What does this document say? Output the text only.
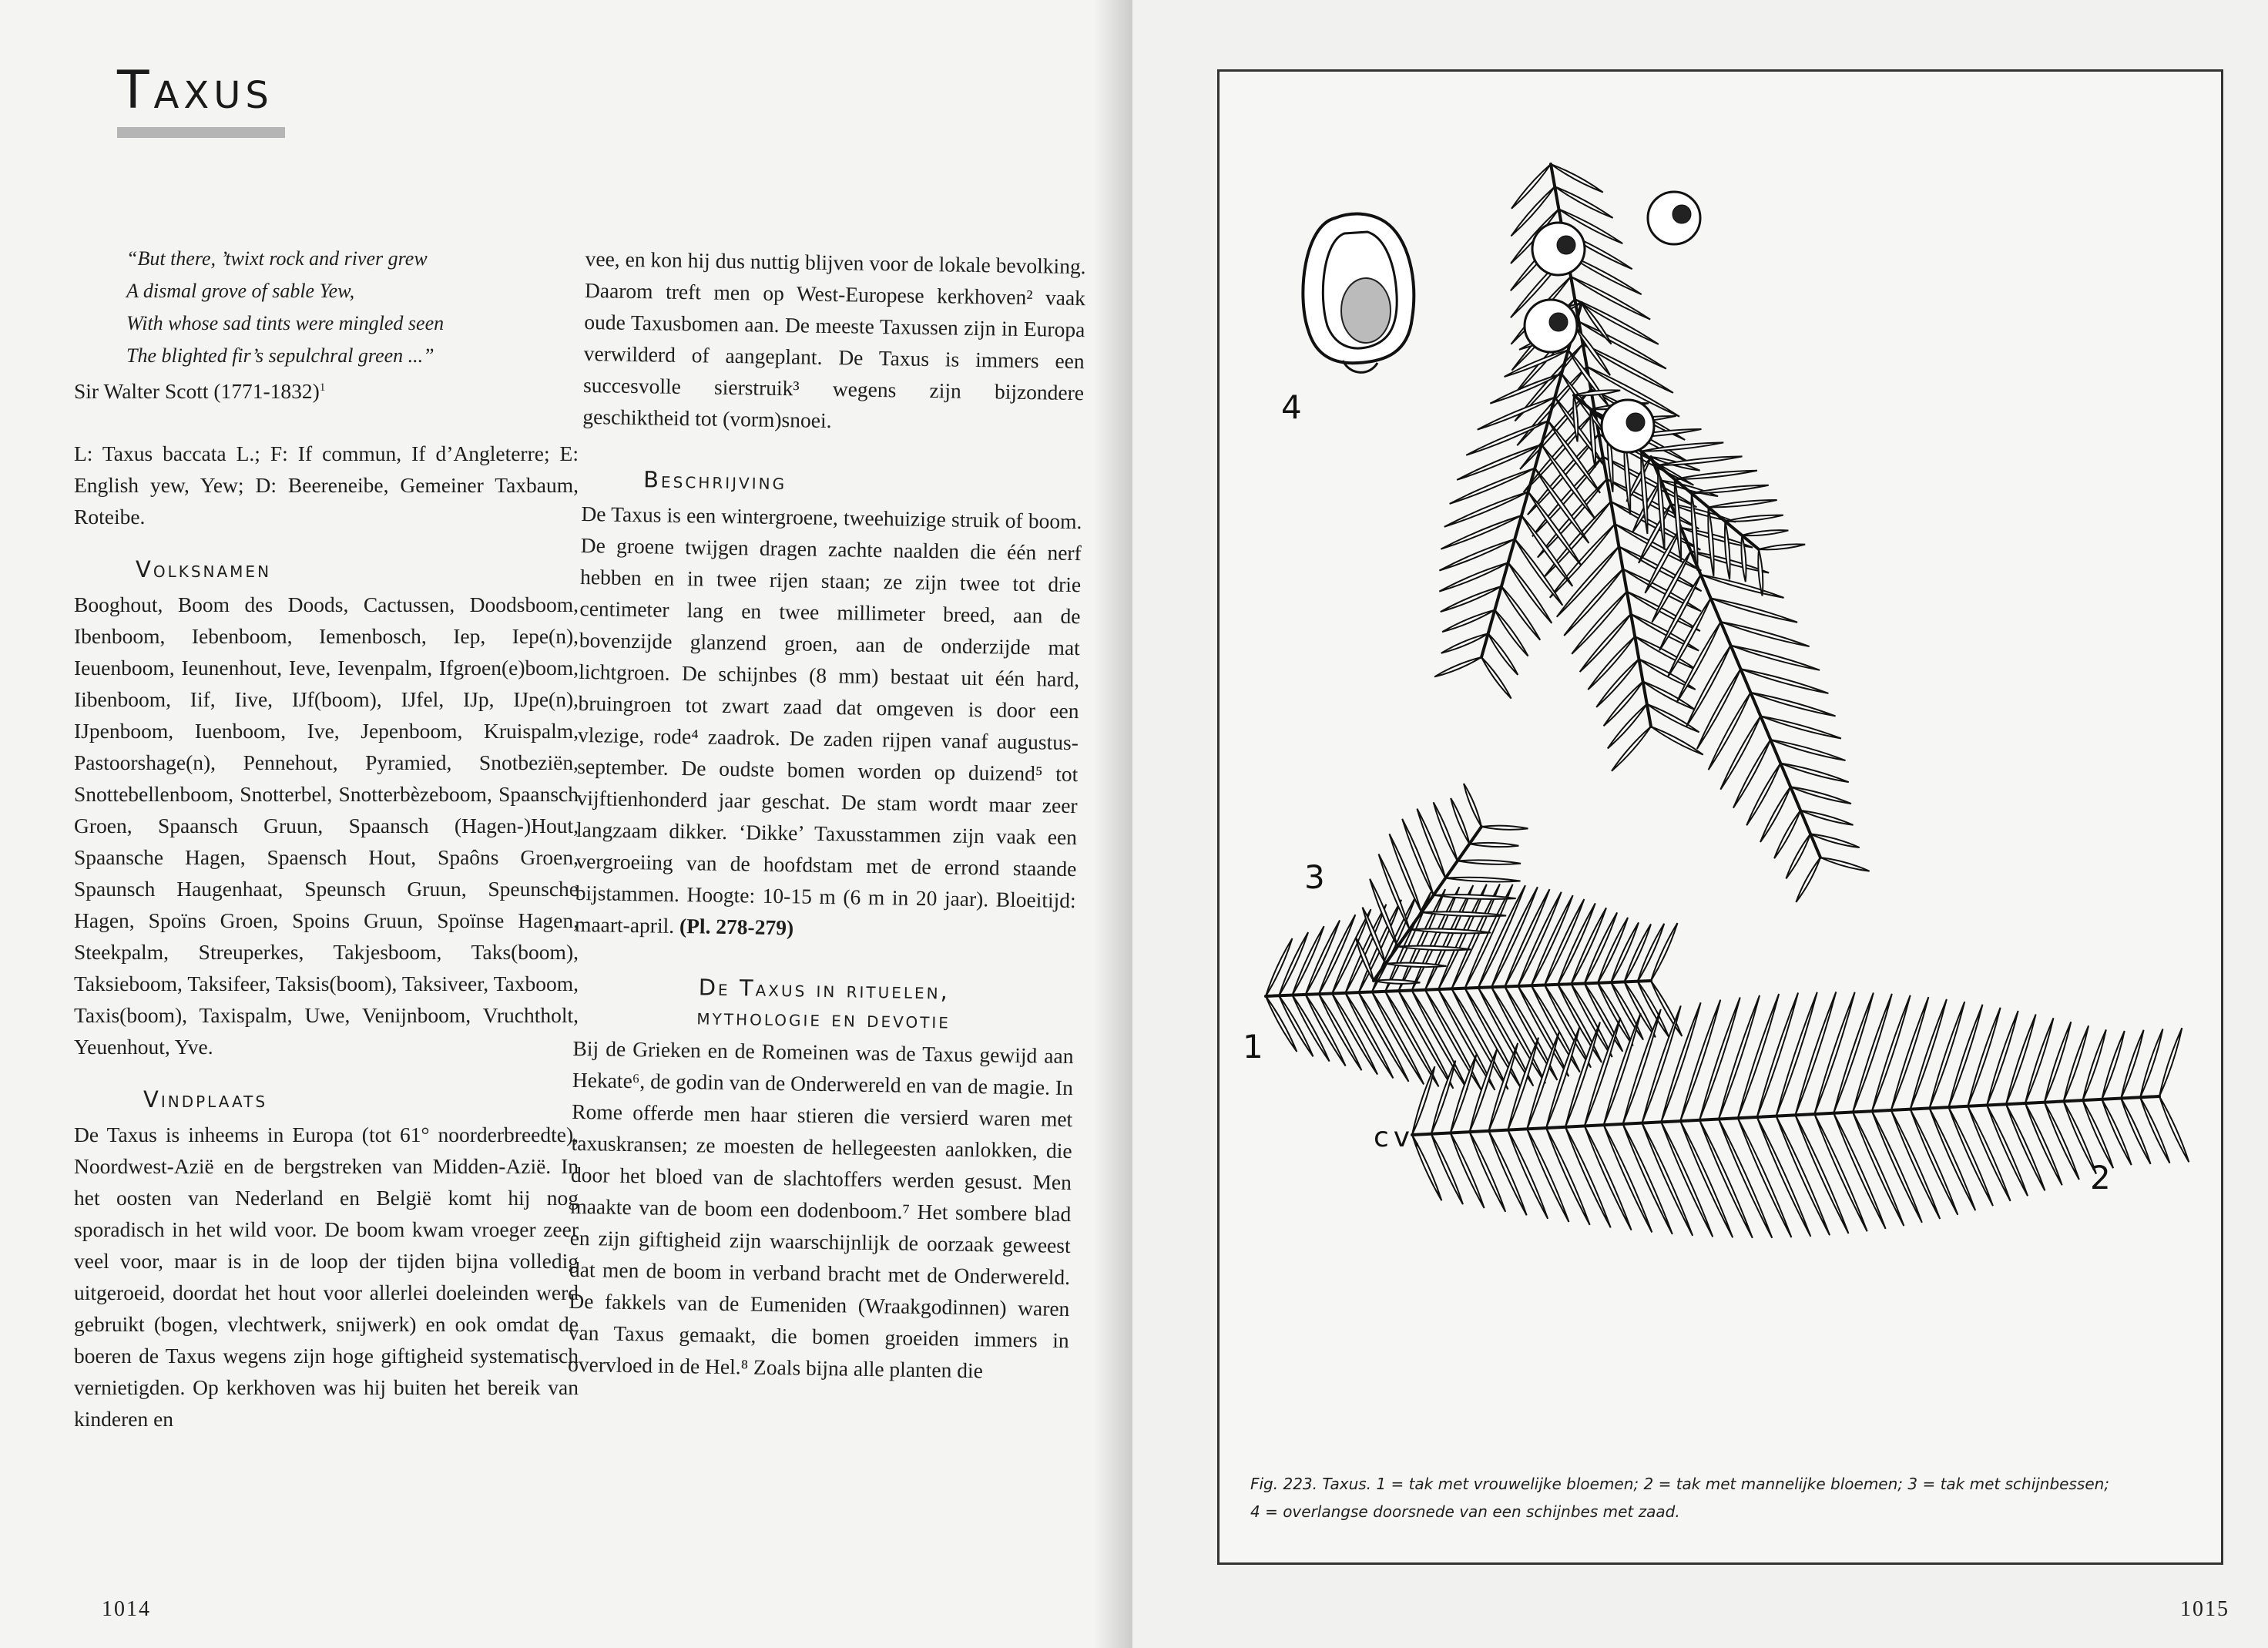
Taxus

“But there, ’twixt rock and river grew
A dismal grove of sable Yew,
With whose sad tints were mingled seen
The blighted fir’s sepulchral green ...”

Sir Walter Scott (1771-1832)$^1$

L: Taxus baccata L.; F: If commun, If d’Angleterre; E: English yew, Yew; D: Beereneibe, Gemeiner Taxbaum, Roteibe.

Volksnamen

Booghout, Boom des Doods, Cactussen, Doodsboom, Ibenboom, Iebenboom, Iemenbosch, Iep, Iepe(n), Ieuenboom, Ieunenhout, Ieve, Ievenpalm, Ifgroen(e)boom, Iibenboom, Iif, Iive, IJf(boom), IJfel, IJp, IJpe(n), IJpenboom, Iuenboom, Ive, Jepenboom, Kruispalm, Pastoorshage(n), Pennehout, Pyramied, Snotbeziën, Snottebellenboom, Snotterbel, Snotterbèzeboom, Spaansch Groen, Spaansch Gruun, Spaansch (Hagen-)Hout, Spaansche Hagen, Spaensch Hout, Spaôns Groen, Spaunsch Haugenhaat, Speunsch Gruun, Speunsche Hagen, Spoïns Groen, Spoins Gruun, Spoïnse Hagen, Steekpalm, Streuperkes, Takjesboom, Taks(boom), Taksieboom, Taksifeer, Taksis(boom), Taksiveer, Taxboom, Taxis(boom), Taxispalm, Uwe, Venijnboom, Vruchtholt, Yeuenhout, Yve.

Vindplaats

De Taxus is inheems in Europa (tot 61° noorderbreedte), Noordwest-Azië en de bergstreken van Midden-Azië. In het oosten van Nederland en België komt hij nog sporadisch in het wild voor. De boom kwam vroeger zeer veel voor, maar is in de loop der tijden bijna volledig uitgeroeid, doordat het hout voor allerlei doeleinden werd gebruikt (bogen, vlechtwerk, snijwerk) en ook omdat de boeren de Taxus wegens zijn hoge giftigheid systematisch vernietigden. Op kerkhoven was hij buiten het bereik van kinderen en

vee, en kon hij dus nuttig blijven voor de lokale bevolking. Daarom treft men op West-Europese kerkhoven² vaak oude Taxusbomen aan. De meeste Taxussen zijn in Europa verwilderd of aangeplant. De Taxus is immers een succesvolle sierstruik³ wegens zijn bijzondere geschiktheid tot (vorm)snoei.

Beschrijving

De Taxus is een wintergroene, tweehuizige struik of boom. De groene twijgen dragen zachte naalden die één nerf hebben en in twee rijen staan; ze zijn twee tot drie centimeter lang en twee millimeter breed, aan de bovenzijde glanzend groen, aan de onderzijde mat lichtgroen. De schijnbes (8 mm) bestaat uit één hard, bruingroen tot zwart zaad dat omgeven is door een vlezige, rode⁴ zaadrok. De zaden rijpen vanaf augustus-september. De oudste bomen worden op duizend⁵ tot vijftienhonderd jaar geschat. De stam wordt maar zeer langzaam dikker. ‘Dikke’ Taxusstammen zijn vaak een vergroeiing van de hoofdstam met de errond staande bijstammen. Hoogte: 10-15 m (6 m in 20 jaar). Bloeitijd: maart-april. (Pl. 278-279)

De Taxus in rituelen,
mythologie en devotie

Bij de Grieken en de Romeinen was de Taxus gewijd aan Hekate⁶, de godin van de Onderwereld en van de magie. In Rome offerde men haar stieren die versierd waren met taxuskransen; ze moesten de hellegeesten aanlokken, die door het bloed van de slachtoffers werden gesust. Men maakte van de boom een dodenboom.⁷ Het sombere blad en zijn giftigheid zijn waarschijnlijk de oorzaak geweest dat men de boom in verband bracht met de Onderwereld. De fakkels van de Eumeniden (Wraakgodinnen) waren van Taxus gemaakt, die bomen groeiden immers in overvloed in de Hel.⁸ Zoals bijna alle planten die

1014
4
3
1
2
cv.
Fig. 223. Taxus. 1 = tak met vrouwelijke bloemen; 2 = tak met mannelijke bloemen; 3 = tak met schijnbessen;
4 = overlangse doorsnede van een schijnbes met zaad.
1015
